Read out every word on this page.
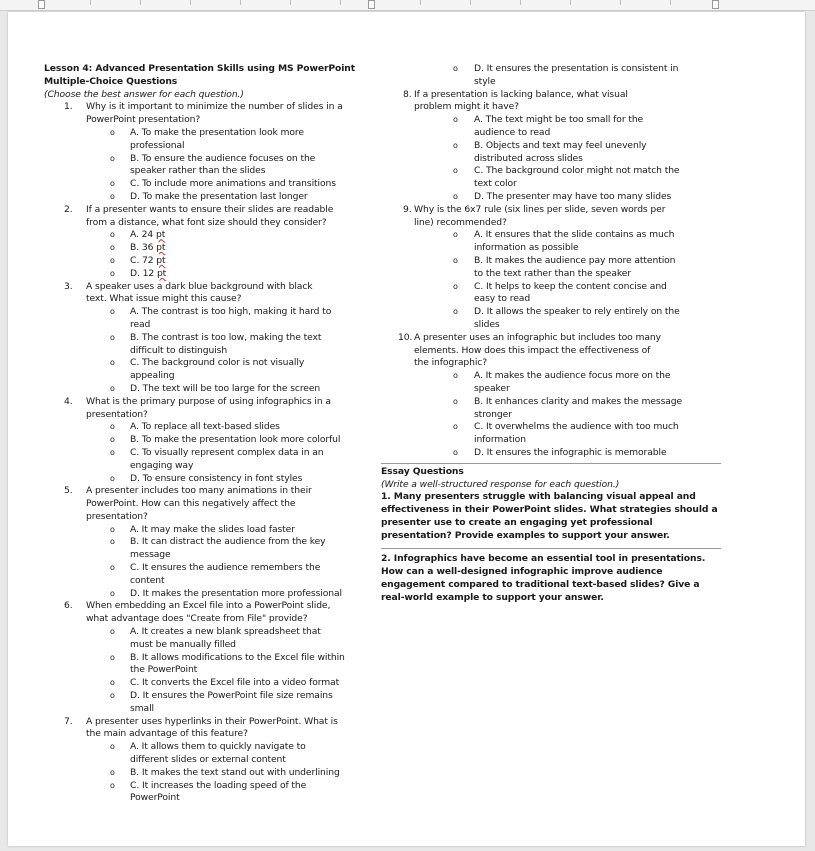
Lesson 4: Advanced Presentation Skills using MS PowerPoint
Multiple-Choice Questions
(Choose the best answer for each question.)
1. Why is it important to minimize the number of slides in a
PowerPoint presentation?
o A. To make the presentation look more
professional
o B. To ensure the audience focuses on the
speaker rather than the slides
o C. To include more animations and transitions
o D. To make the presentation last longer
2. If a presenter wants to ensure their slides are readable
from a distance, what font size should they consider?
o A. 24 pt
o B. 36 pt
o C. 72 pt
o D. 12 pt
3. A speaker uses a dark blue background with black
text. What issue might this cause?
o A. The contrast is too high, making it hard to
read
o B. The contrast is too low, making the text
difficult to distinguish
o C. The background color is not visually
appealing
o D. The text will be too large for the screen
4. What is the primary purpose of using infographics in a
presentation?
o A. To replace all text-based slides
o B. To make the presentation look more colorful
o C. To visually represent complex data in an
engaging way
o D. To ensure consistency in font styles
5. A presenter includes too many animations in their
PowerPoint. How can this negatively affect the
presentation?
o A. It may make the slides load faster
o B. It can distract the audience from the key
message
o C. It ensures the audience remembers the
content
o D. It makes the presentation more professional
6. When embedding an Excel file into a PowerPoint slide,
what advantage does "Create from File" provide?
o A. It creates a new blank spreadsheet that
must be manually filled
o B. It allows modifications to the Excel file within
the PowerPoint
o C. It converts the Excel file into a video format
o D. It ensures the PowerPoint file size remains
small
7. A presenter uses hyperlinks in their PowerPoint. What is
the main advantage of this feature?
o A. It allows them to quickly navigate to
different slides or external content
o B. It makes the text stand out with underlining
o C. It increases the loading speed of the
PowerPoint
o D. It ensures the presentation is consistent in
style
8. If a presentation is lacking balance, what visual
problem might it have?
o A. The text might be too small for the
audience to read
o B. Objects and text may feel unevenly
distributed across slides
o C. The background color might not match the
text color
o D. The presenter may have too many slides
9. Why is the 6x7 rule (six lines per slide, seven words per
line) recommended?
o A. It ensures that the slide contains as much
information as possible
o B. It makes the audience pay more attention
to the text rather than the speaker
o C. It helps to keep the content concise and
easy to read
o D. It allows the speaker to rely entirely on the
slides
10. A presenter uses an infographic but includes too many
elements. How does this impact the effectiveness of
the infographic?
o A. It makes the audience focus more on the
speaker
o B. It enhances clarity and makes the message
stronger
o C. It overwhelms the audience with too much
information
o D. It ensures the infographic is memorable
Essay Questions
(Write a well-structured response for each question.)
1. Many presenters struggle with balancing visual appeal and
effectiveness in their PowerPoint slides. What strategies should a
presenter use to create an engaging yet professional
presentation? Provide examples to support your answer.
2. Infographics have become an essential tool in presentations.
How can a well-designed infographic improve audience
engagement compared to traditional text-based slides? Give a
real-world example to support your answer.
